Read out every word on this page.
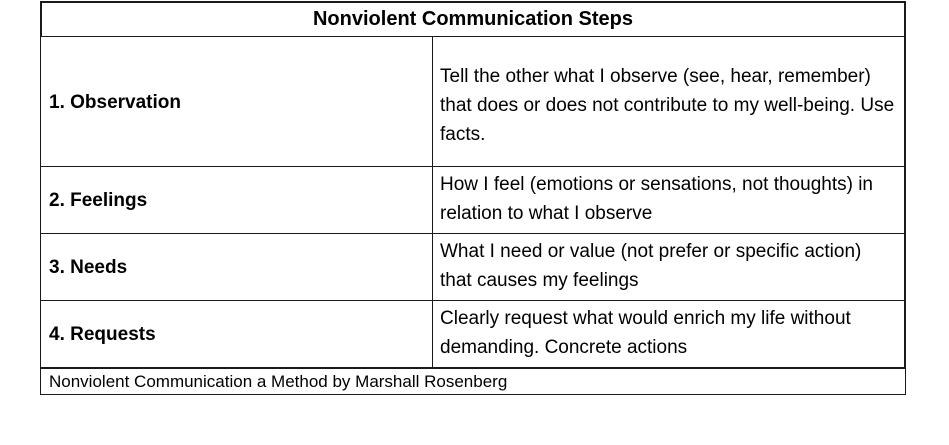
Nonviolent Communication Steps
1. Observation
Tell the other what I observe (see, hear, remember) that does or does not contribute to my well-being. Use facts.
2. Feelings
How I feel (emotions or sensations, not thoughts) in relation to what I observe
3. Needs
What I need or value (not prefer or specific action) that causes my feelings
4. Requests
Clearly request what would enrich my life without demanding. Concrete actions
Nonviolent Communication a Method by Marshall Rosenberg
